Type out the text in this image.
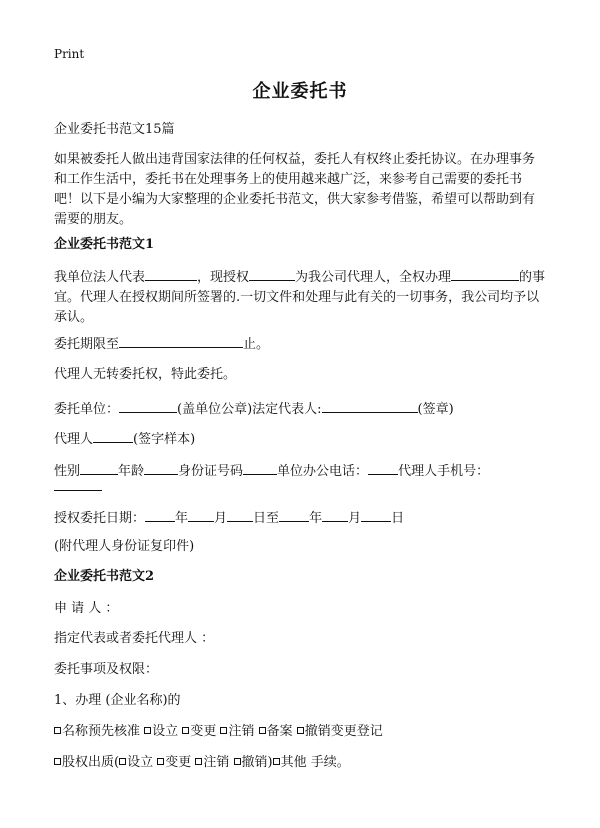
Print
企业委托书
企业委托书范文15篇
如果被委托人做出违背国家法律的任何权益，委托人有权终止委托协议。在办理事务和工作生活中，委托书在处理事务上的使用越来越广泛，来参考自己需要的委托书吧！以下是小编为大家整理的企业委托书范文，供大家参考借鉴，希望可以帮助到有需要的朋友。
企业委托书范文1
我单位法人代表	，现授权	为我公司代理人，全权办理	的事宜。代理人在授权期间所签署的.一切文件和处理与此有关的一切事务，我公司均予以承认。
委托期限至	止。
代理人无转委托权，特此委托。
委托单位：	(盖单位公章)法定代表人:	(签章)
代理人	(签字样本)
性别	年龄	身份证号码	单位办公电话： 代理人手机号：
授权委托日期： 年 月 日至 年 月 日
(附代理人身份证复印件)
企业委托书范文2
申 请 人 ：
指定代表或者委托代理人 ：
委托事项及权限：
1、办理 (企业名称)的
名称预先核准 设立 变更 注销 备案 撤销变更登记
股权出质( 设立 变更 注销 撤销) 其他 手续。
